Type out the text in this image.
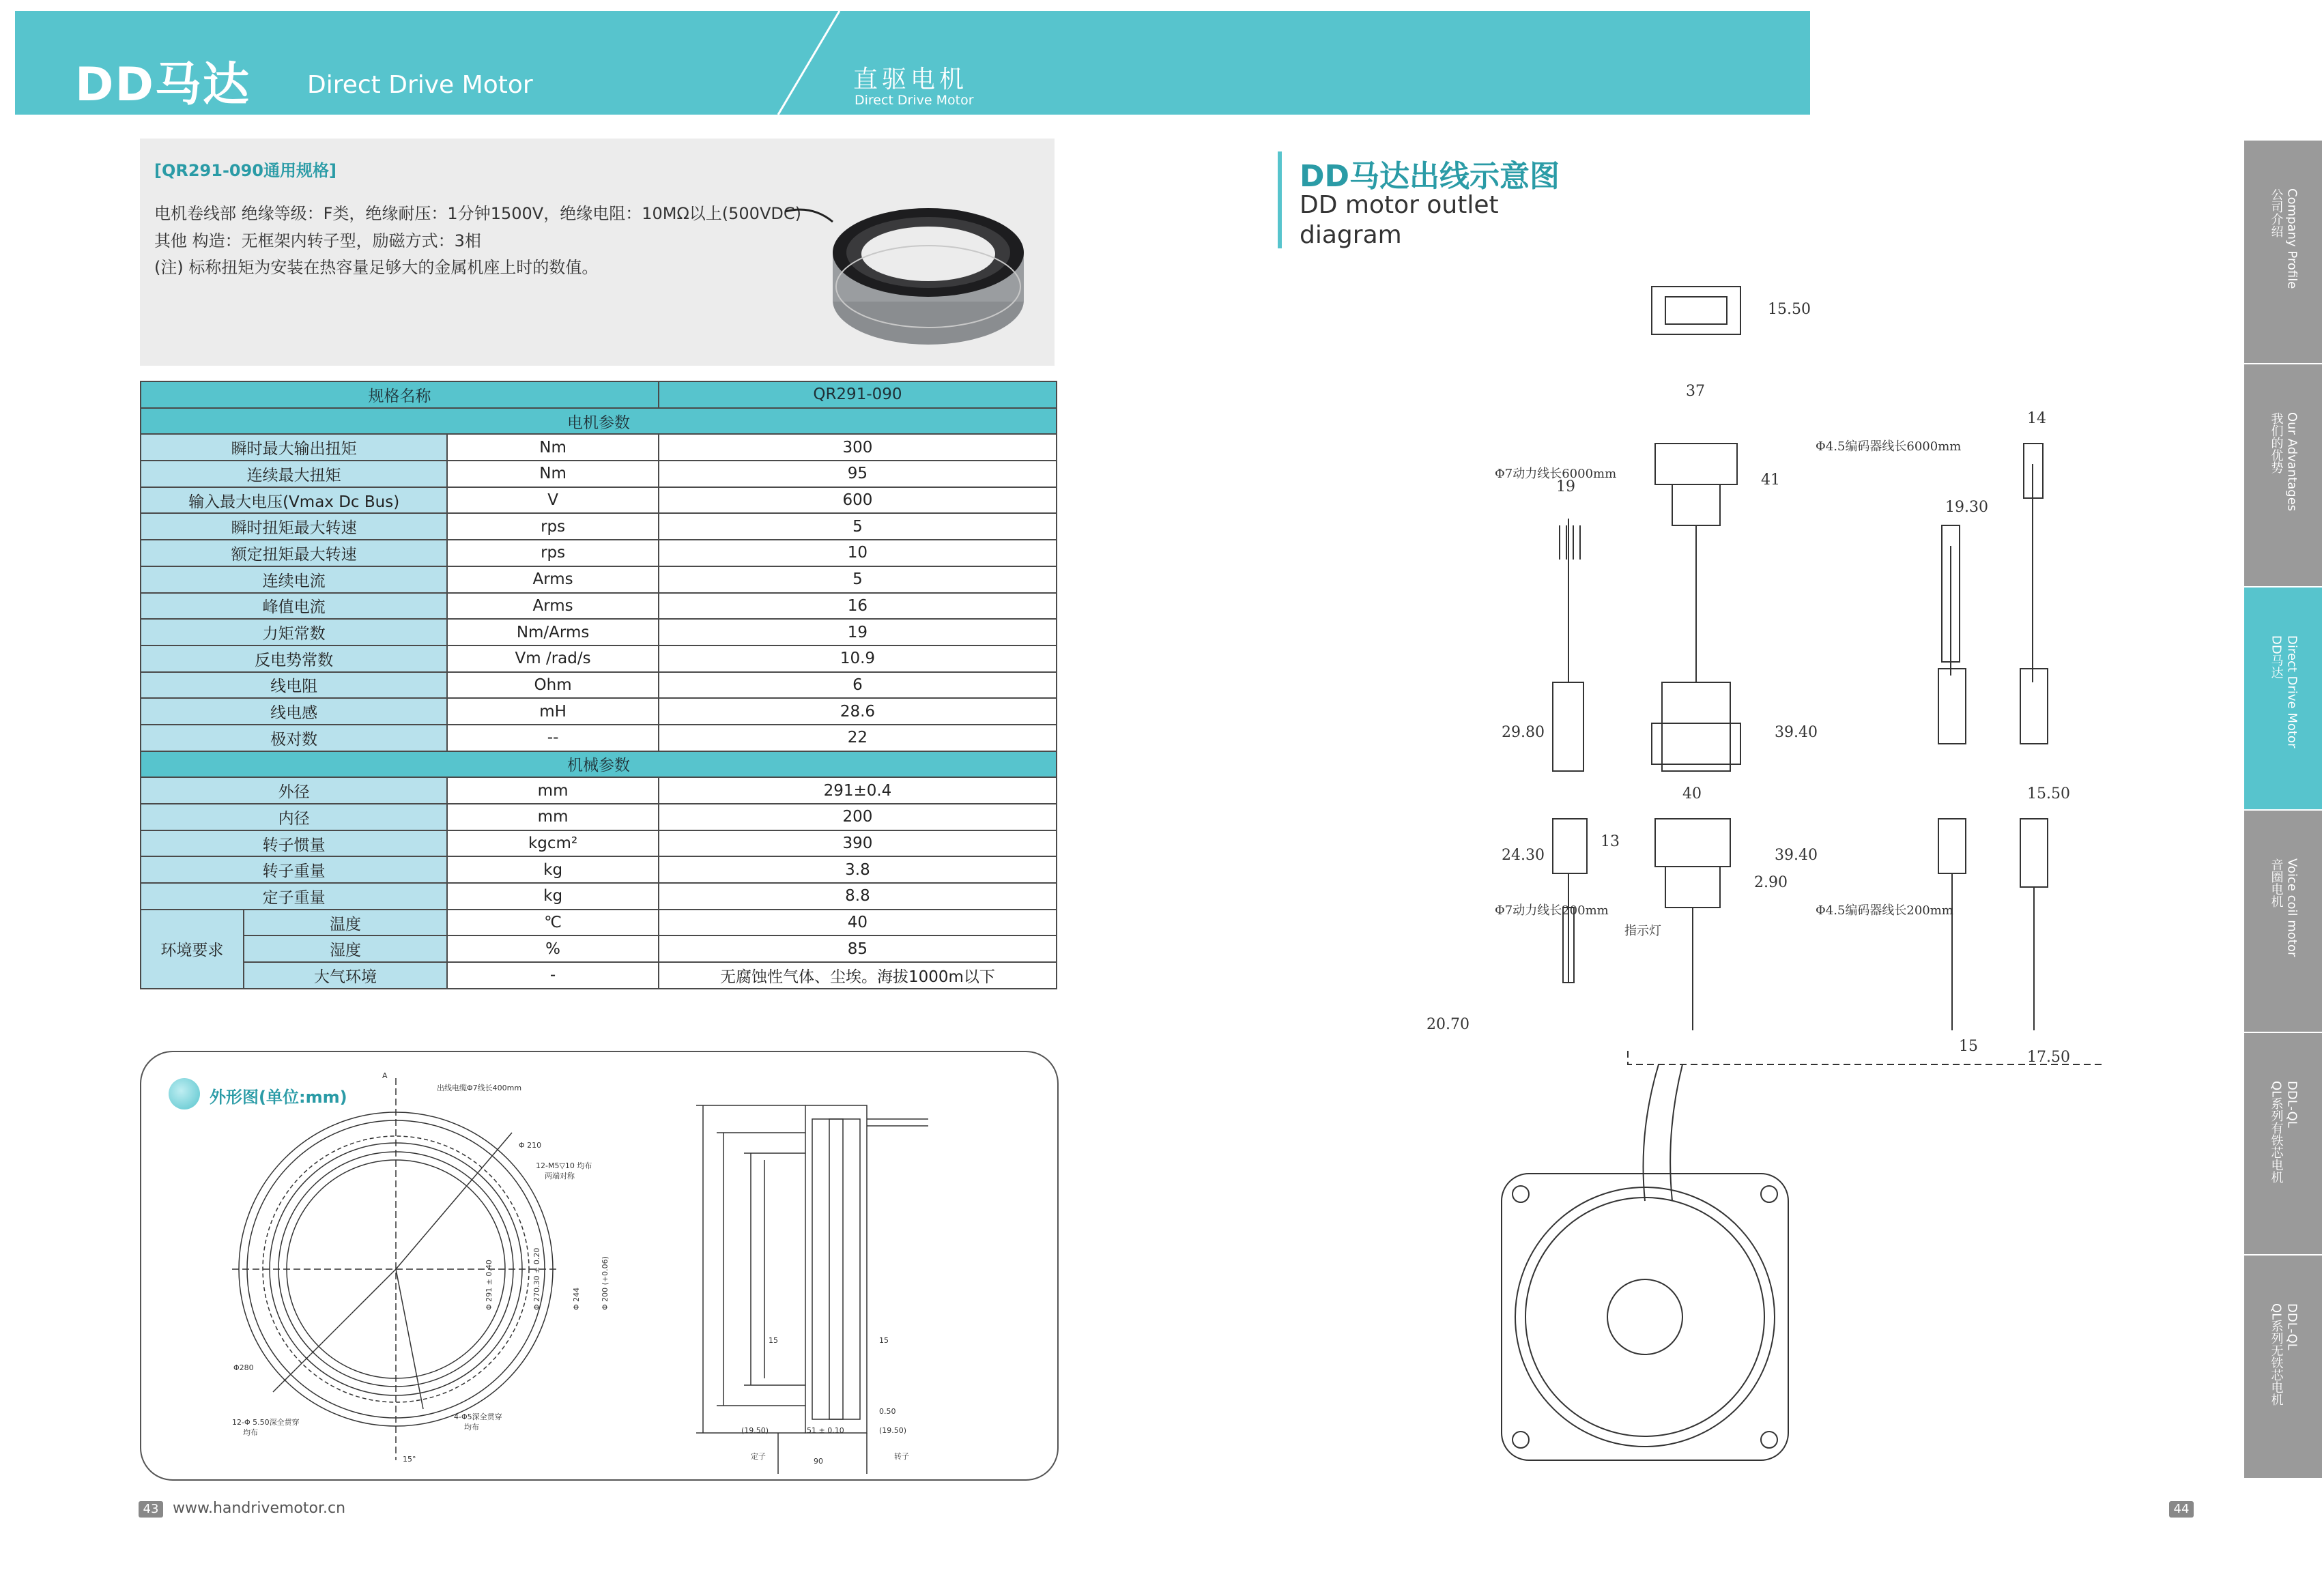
DD马达 Direct Drive Motor	直驱电机
Direct Drive Motor
[QR291-090通用规格]
电机卷线部 绝缘等级：F类，绝缘耐压：1分钟1500V，绝缘电阻：10MΩ以上(500VDC)
其他 构造：无框架内转子型，励磁方式：3相
(注) 标称扭矩为安装在热容量足够大的金属机座上时的数值。
规格名称			QR291-090
电机参数			
瞬时最大输出扭矩		Nm	300
连续最大扭矩		Nm	95
输入最大电压(Vmax Dc Bus)		V	600
瞬时扭矩最大转速		rps	5
额定扭矩最大转速		rps	10
连续电流		Arms	5
峰值电流		Arms	16
力矩常数		Nm/Arms	19
反电势常数		Vm /rad/s	10.9
线电阻		Ohm	6
线电感		mH	28.6
极对数		--	22
机械参数			
外径		mm	291±0.4
内径		mm	200
转子惯量		kgcm²	390
转子重量		kg	3.8
定子重量		kg	8.8
环境要求	温度	℃	40
	湿度	%	85
	大气环境	-	无腐蚀性气体、尘埃。海拔1000m以下
外形图(单位:mm)	出线电缆Φ7线长400mm
Φ 210
12-M5▽10 均布
两端对称
Φ280
12-Φ 5.50深全贯穿
均布
4-Φ5深全贯穿
均布
15°
A
Φ 291 ± 0.40	Φ 270.30 ± 0.20	Φ 244	Φ 200 (+0.06)
15	15
0.50
(19.50)	51 ± 0.10	(19.50)
90
定子	转子
43 www.handrivemotor.cn	44
DD马达出线示意图
DD motor outlet
diagram
15.50
37
14
19	41
19.30
Φ7动力线长6000mm
Φ4.5编码器线长6000mm
29.80	39.40
40	15.50
24.30
13
Φ7动力线长200mm	Φ4.5编码器线长200mm
2.90
39.40
指示灯
20.70
15
17.50
公司介绍 Company Profile
我们的优势 Our Advantages
DD马达 Direct Drive Motor
音圈电机 Voice coil motor
QL系列有铁芯电机 DDL-QL
QL系列无铁芯电机 DDL-QL
